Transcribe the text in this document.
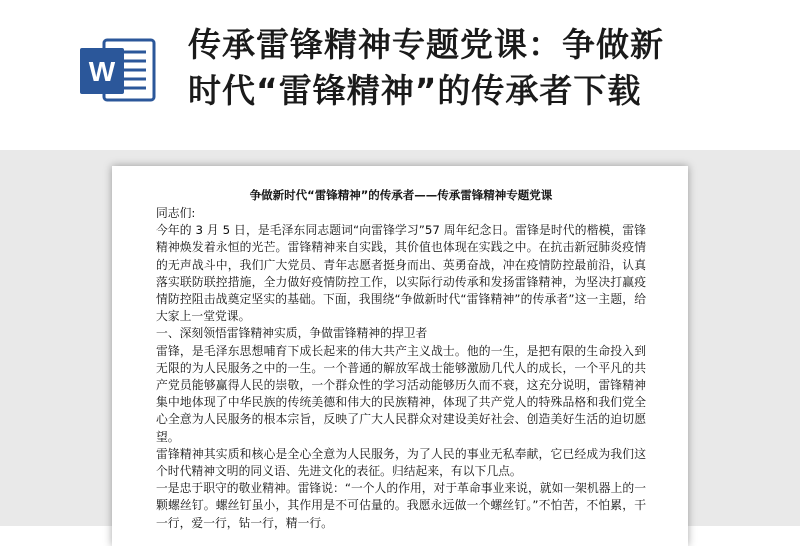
W
传承雷锋精神专题党课：争做新
时代“雷锋精神”的传承者下载
争做新时代“雷锋精神”的传承者——传承雷锋精神专题党课

同志们:

今年的 3 月 5 日，是毛泽东同志题词“向雷锋学习”57 周年纪念日。雷锋是时代的楷模，雷锋精神焕发着永恒的光芒。雷锋精神来自实践，其价值也体现在实践之中。在抗击新冠肺炎疫情的无声战斗中，我们广大党员、青年志愿者挺身而出、英勇奋战，冲在疫情防控最前沿，认真落实联防联控措施，全力做好疫情防控工作，以实际行动传承和发扬雷锋精神，为坚决打赢疫情防控阻击战奠定坚实的基础。下面，我围绕“争做新时代“雷锋精神”的传承者”这一主题，给大家上一堂党课。

一、深刻领悟雷锋精神实质，争做雷锋精神的捍卫者

雷锋，是毛泽东思想哺育下成长起来的伟大共产主义战士。他的一生，是把有限的生命投入到无限的为人民服务之中的一生。一个普通的解放军战士能够激励几代人的成长，一个平凡的共产党员能够赢得人民的崇敬，一个群众性的学习活动能够历久而不衰，这充分说明，雷锋精神集中地体现了中华民族的传统美德和伟大的民族精神，体现了共产党人的特殊品格和我们党全心全意为人民服务的根本宗旨，反映了广大人民群众对建设美好社会、创造美好生活的迫切愿望。

雷锋精神其实质和核心是全心全意为人民服务，为了人民的事业无私奉献，它已经成为我们这个时代精神文明的同义语、先进文化的表征。归结起来，有以下几点。

一是忠于职守的敬业精神。雷锋说：“一个人的作用，对于革命事业来说，就如一架机器上的一颗螺丝钉。螺丝钉虽小，其作用是不可估量的。我愿永远做一个螺丝钉。”不怕苦，不怕累，干一行，爱一行，钻一行，精一行。
